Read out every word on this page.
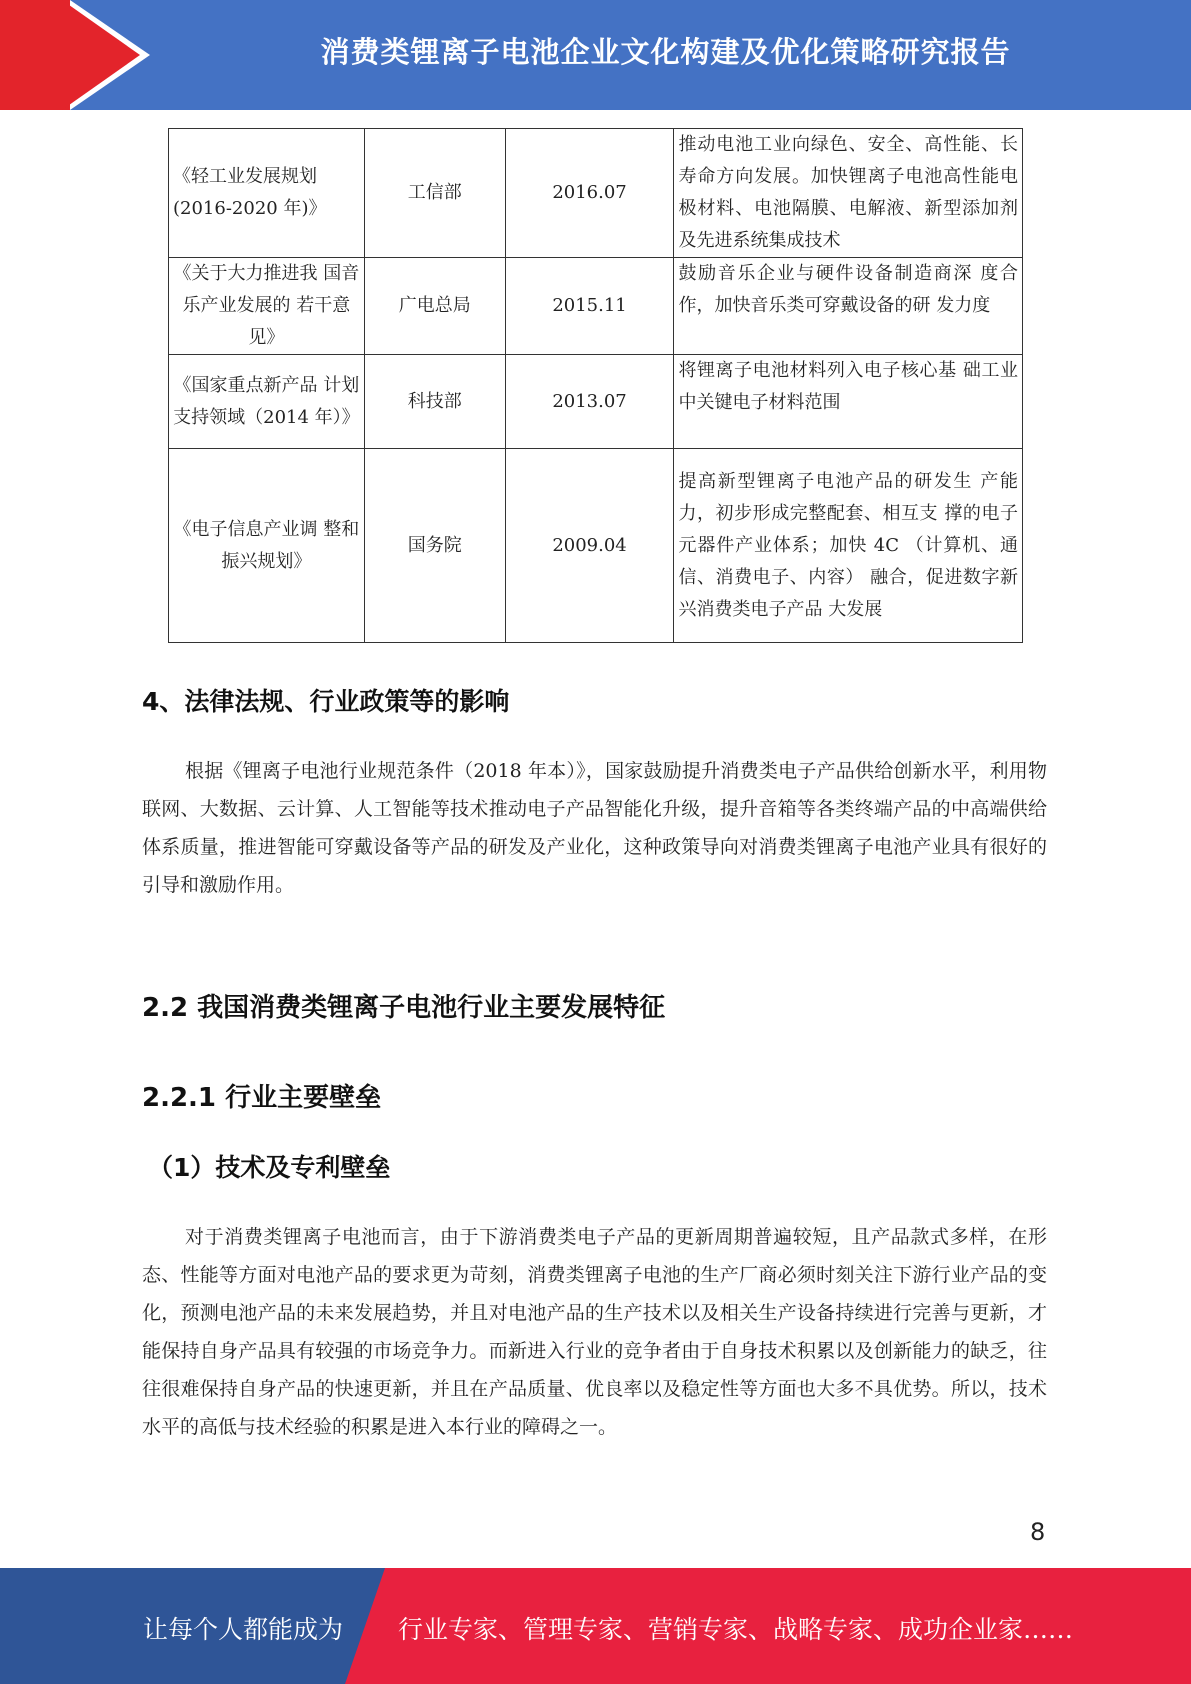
消费类锂离子电池企业文化构建及优化策略研究报告
《轻工业发展规划
(2016-2020 年)》	工信部	2016.07	推动电池工业向绿色、安全、高性能、长寿命方向发展。加快锂离子电池高性能电极材料、电池隔膜、电解液、新型添加剂及先进系统集成技术
《关于大力推进我 国音乐产业发展的 若干意见》	广电总局	2015.11	鼓励音乐企业与硬件设备制造商深 度合作，加快音乐类可穿戴设备的研 发力度
《国家重点新产品 计划支持领域（2014 年）》	科技部	2013.07	将锂离子电池材料列入电子核心基 础工业中关键电子材料范围
《电子信息产业调 整和振兴规划》	国务院	2009.04	提高新型锂离子电池产品的研发生 产能力，初步形成完整配套、相互支 撑的电子元器件产业体系；加快 4C （计算机、通信、消费电子、内容） 融合，促进数字新兴消费类电子产品 大发展
4、法律法规、行业政策等的影响
根据《锂离子电池行业规范条件（2018 年本）》，国家鼓励提升消费类电子产品供给创新水平，利用物联网、大数据、云计算、人工智能等技术推动电子产品智能化升级，提升音箱等各类终端产品的中高端供给体系质量，推进智能可穿戴设备等产品的研发及产业化，这种政策导向对消费类锂离子电池产业具有很好的引导和激励作用。
2.2 我国消费类锂离子电池行业主要发展特征
2.2.1 行业主要壁垒
（1）技术及专利壁垒
对于消费类锂离子电池而言，由于下游消费类电子产品的更新周期普遍较短，且产品款式多样，在形态、性能等方面对电池产品的要求更为苛刻，消费类锂离子电池的生产厂商必须时刻关注下游行业产品的变化，预测电池产品的未来发展趋势，并且对电池产品的生产技术以及相关生产设备持续进行完善与更新，才能保持自身产品具有较强的市场竞争力。而新进入行业的竞争者由于自身技术积累以及创新能力的缺乏，往往很难保持自身产品的快速更新，并且在产品质量、优良率以及稳定性等方面也大多不具优势。所以，技术水平的高低与技术经验的积累是进入本行业的障碍之一。
8
让每个人都能成为 行业专家、管理专家、营销专家、战略专家、成功企业家……
